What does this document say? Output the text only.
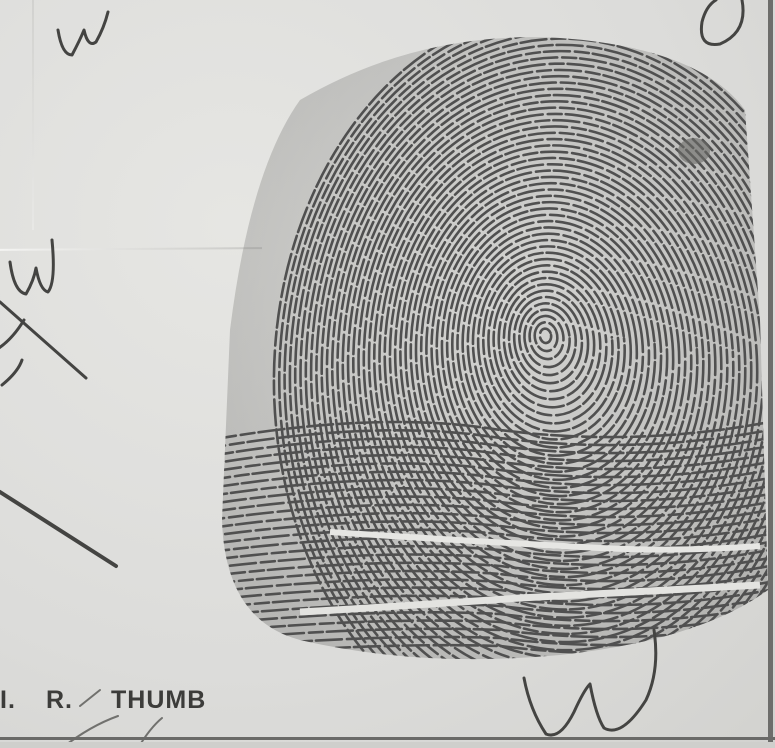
I. R. THUMB
